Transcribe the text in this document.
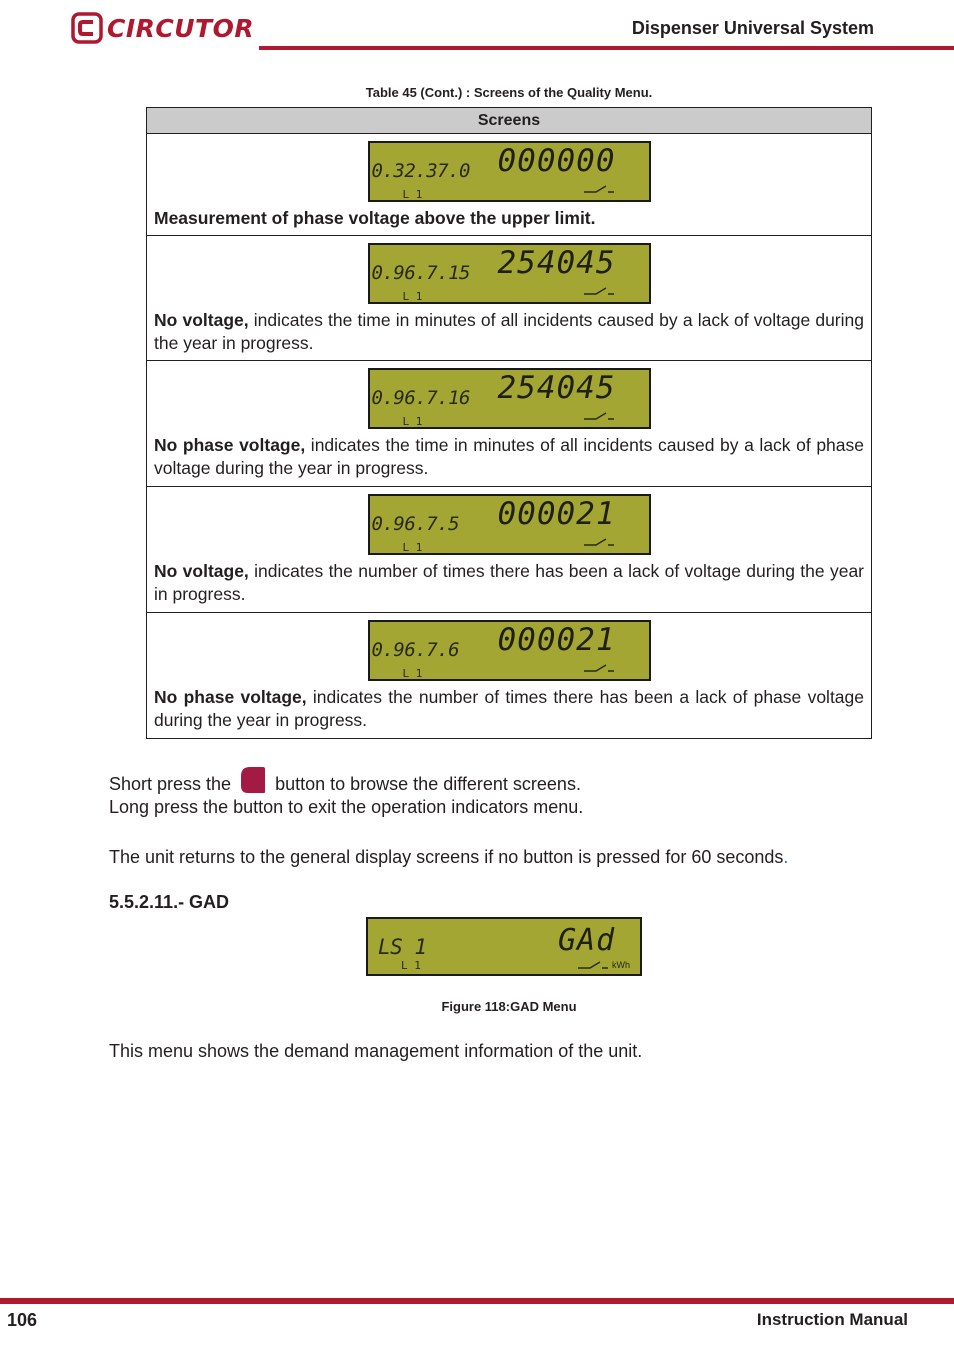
CIRCUTOR	Dispenser Universal System
Table 45 (Cont.) : Screens of the Quality Menu.
Screens

0.32.37.0 000000
L 1
Measurement of phase voltage above the upper limit.

0.96.7.15 254045
L 1
No voltage, indicates the time in minutes of all incidents caused by a lack of voltage during the year in progress.

0.96.7.16 254045
L 1
No phase voltage, indicates the time in minutes of all incidents caused by a lack of phase voltage during the year in progress.

0.96.7.5 000021
L 1
No voltage, indicates the number of times there has been a lack of voltage during the year in progress.

0.96.7.6 000021
L 1
No phase voltage, indicates the number of times there has been a lack of phase voltage during the year in progress.
Short press the button to browse the different screens.
Long press the button to exit the operation indicators menu.
The unit returns to the general display screens if no button is pressed for 60 seconds.
5.5.2.11.- GAD
LS 1	GAd
L 1	kWh
Figure 118:GAD Menu
This menu shows the demand management information of the unit.
106	Instruction Manual
